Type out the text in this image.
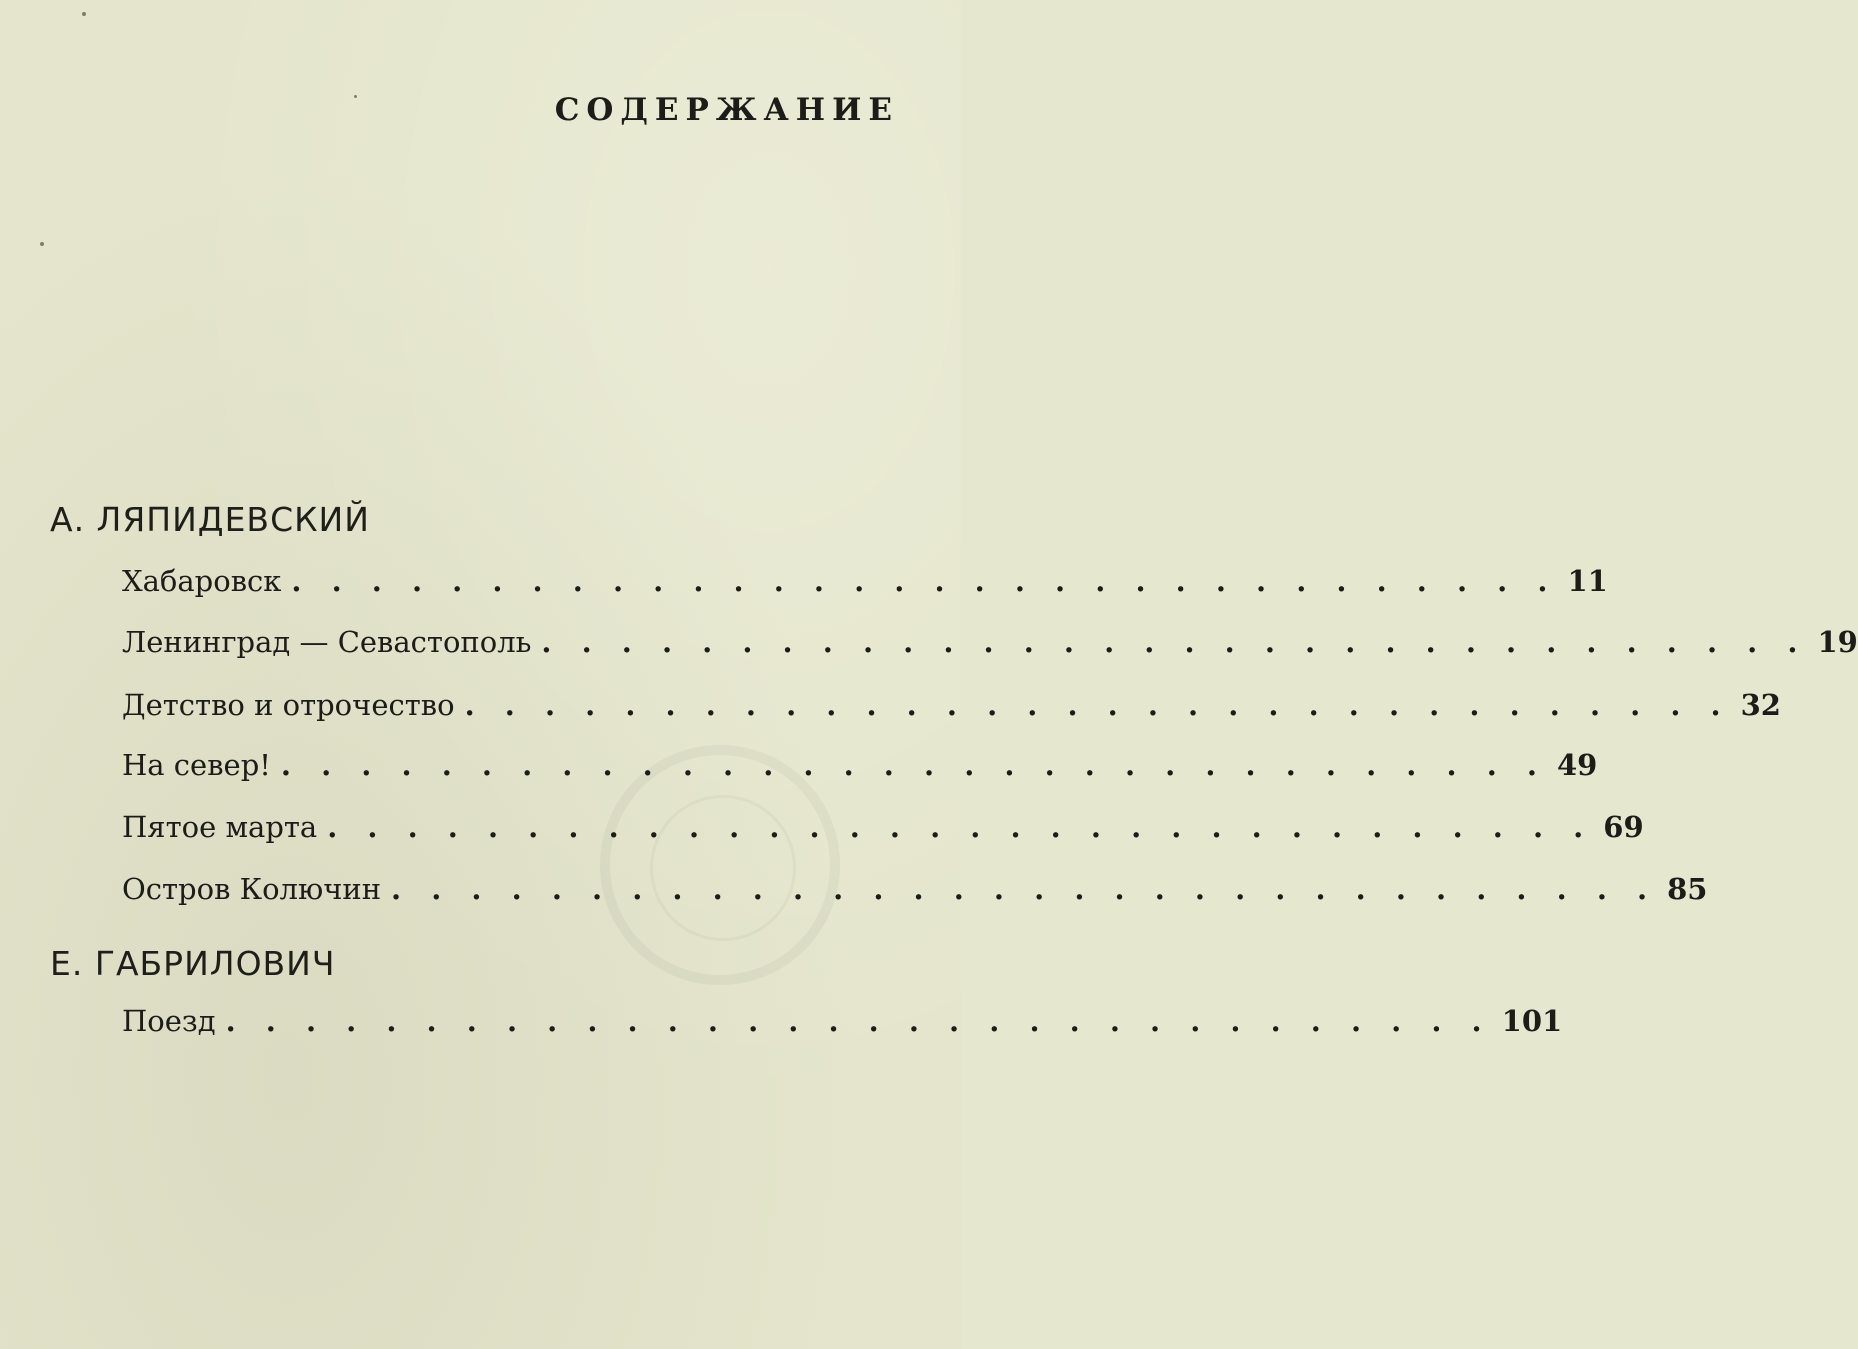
СОДЕРЖАНИЕ
А. ЛЯПИДЕВСКИЙ
Хабаровск . . . . . . . . . . . . . . . . . . . . . . . . . . . . . . . . 11
Ленинград — Севастополь . . . . . . . . . . . . . . . . . . . . . . . . . . . . . . . . 19
Детство и отрочество . . . . . . . . . . . . . . . . . . . . . . . . . . . . . . . . 32
На север! . . . . . . . . . . . . . . . . . . . . . . . . . . . . . . . . 49
Пятое марта . . . . . . . . . . . . . . . . . . . . . . . . . . . . . . . . 69
Остров Колючин . . . . . . . . . . . . . . . . . . . . . . . . . . . . . . . . 85
Е. ГАБРИЛОВИЧ
Поезд . . . . . . . . . . . . . . . . . . . . . . . . . . . . . . . . 101
